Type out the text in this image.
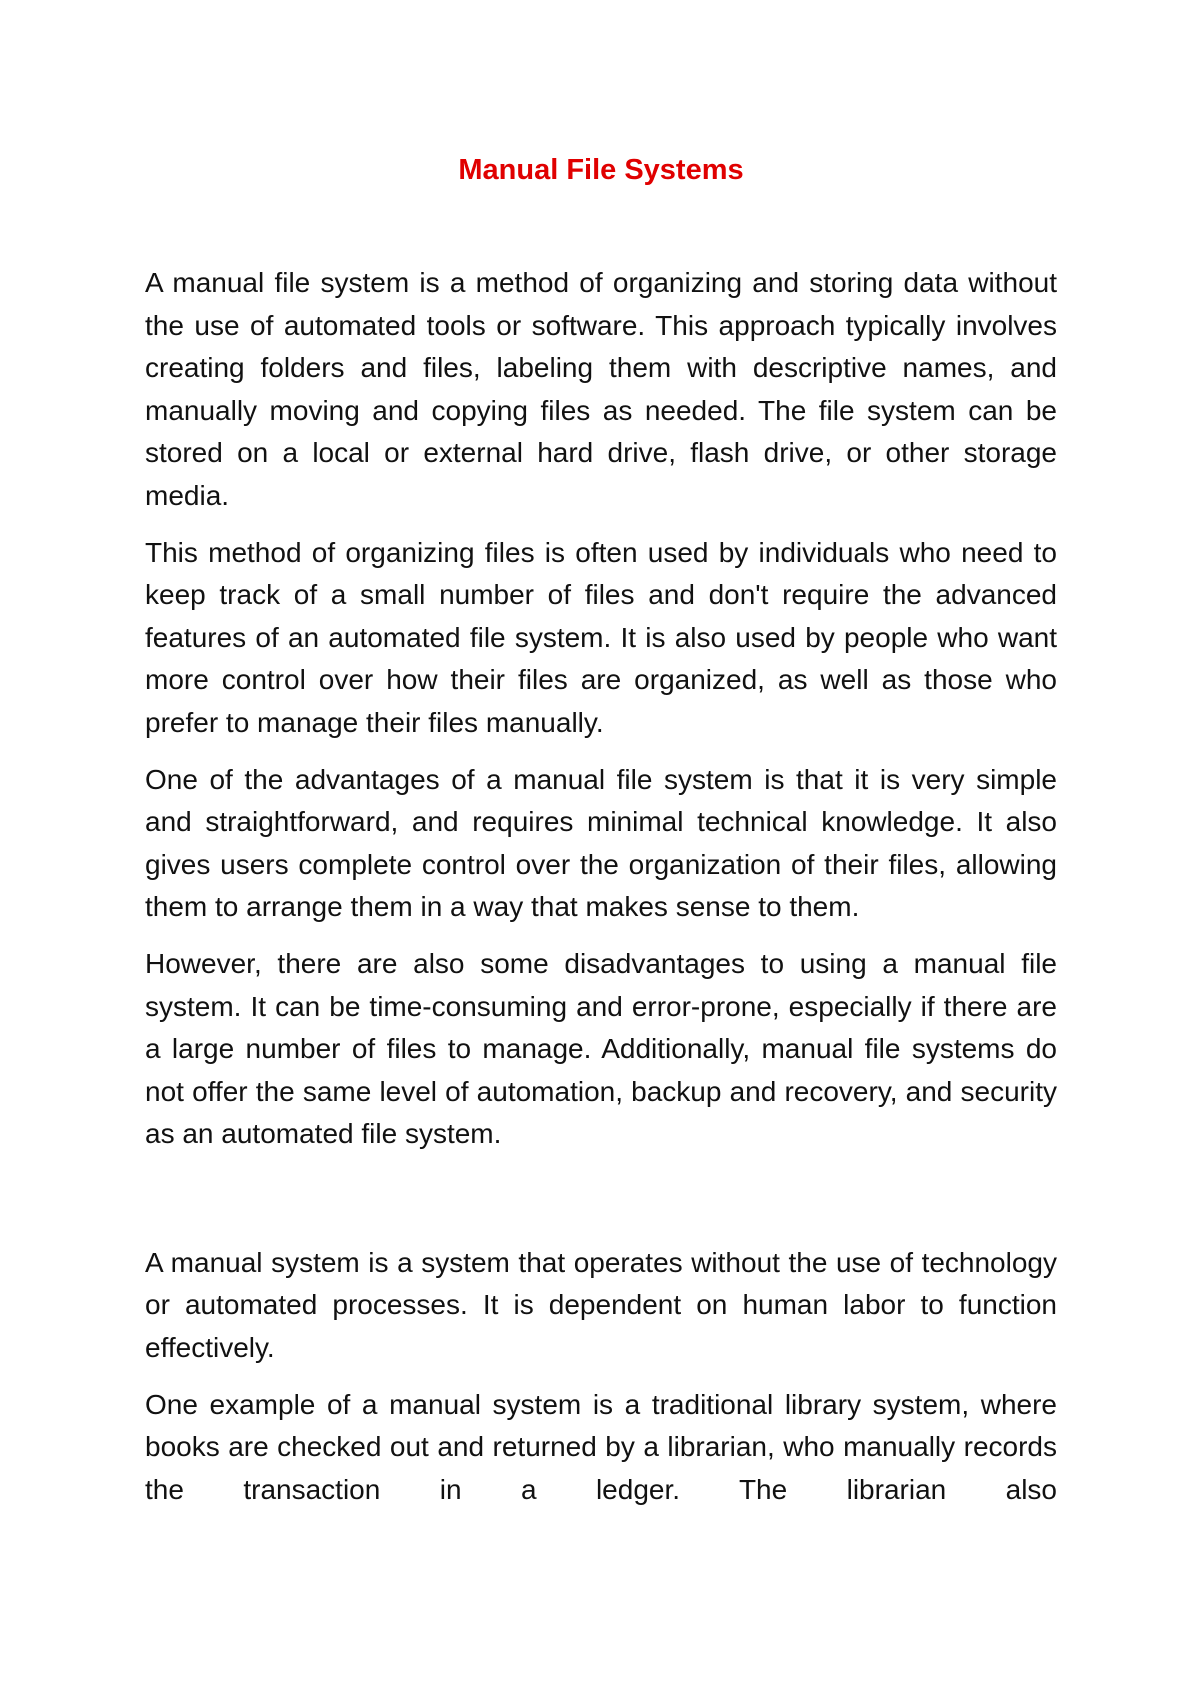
Manual File Systems

A manual file system is a method of organizing and storing data without the use of automated tools or software. This approach typically involves creating folders and files, labeling them with descriptive names, and manually moving and copying files as needed. The file system can be stored on a local or external hard drive, flash drive, or other storage media.

This method of organizing files is often used by individuals who need to keep track of a small number of files and don't require the advanced features of an automated file system. It is also used by people who want more control over how their files are organized, as well as those who prefer to manage their files manually.

One of the advantages of a manual file system is that it is very simple and straightforward, and requires minimal technical knowledge. It also gives users complete control over the organization of their files, allowing them to arrange them in a way that makes sense to them.

However, there are also some disadvantages to using a manual file system. It can be time-consuming and error-prone, especially if there are a large number of files to manage. Additionally, manual file systems do not offer the same level of automation, backup and recovery, and security as an automated file system.

A manual system is a system that operates without the use of technology or automated processes. It is dependent on human labor to function effectively.

One example of a manual system is a traditional library system, where books are checked out and returned by a librarian, who manually records the transaction in a ledger. The librarian also
